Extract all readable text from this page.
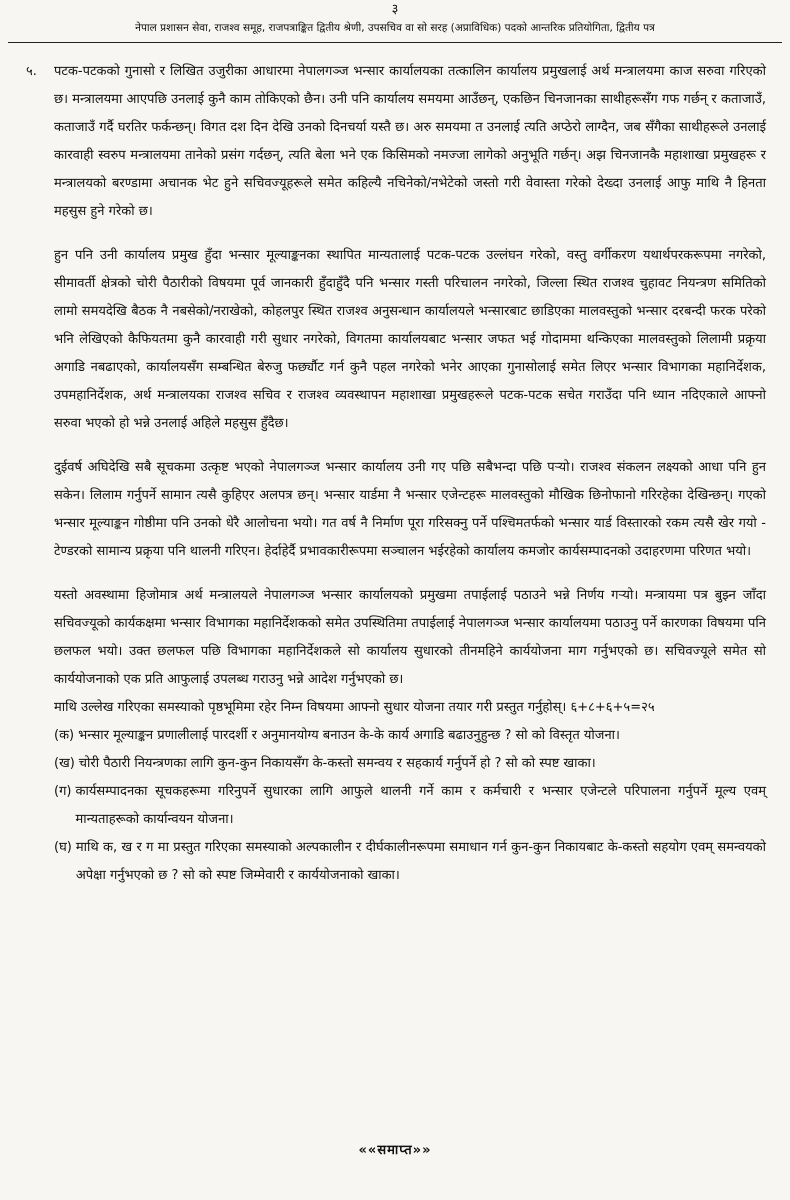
३
नेपाल प्रशासन सेवा, राजश्व समूह, राजपत्राङ्कित द्वितीय श्रेणी, उपसचिव वा सो सरह (अप्राविधिक) पदको आन्तरिक प्रतियोगिता, द्वितीय पत्र
५.	पटक-पटकको गुनासो र लिखित उजुरीका आधारमा नेपालगञ्ज भन्सार कार्यालयका तत्कालिन कार्यालय प्रमुखलाई अर्थ मन्त्रालयमा काज सरुवा गरिएको छ। मन्त्रालयमा आएपछि उनलाई कुनै काम तोकिएको छैन। उनी पनि कार्यालय समयमा आउँछन्, एकछिन चिनजानका साथीहरूसँग गफ गर्छन् र कताजाउँ, कताजाउँ गर्दै घरतिर फर्कन्छन्। विगत दश दिन देखि उनको दिनचर्या यस्तै छ। अरु समयमा त उनलाई त्यति अप्ठेरो लाग्दैन, जब सँगैका साथीहरूले उनलाई कारवाही स्वरुप मन्त्रालयमा तानेको प्रसंग गर्दछन्, त्यति बेला भने एक किसिमको नमज्जा लागेको अनुभूति गर्छन्। अझ चिनजानकै महाशाखा प्रमुखहरू र मन्त्रालयको बरण्डामा अचानक भेट हुने सचिवज्यूहरूले समेत कहिल्यै नचिनेको/नभेटेको जस्तो गरी वेवास्ता गरेको देख्दा उनलाई आफु माथि नै हिनता महसुस हुने गरेको छ।

हुन पनि उनी कार्यालय प्रमुख हुँदा भन्सार मूल्याङ्कनका स्थापित मान्यतालाई पटक-पटक उल्लंघन गरेको, वस्तु वर्गीकरण यथार्थपरकरूपमा नगरेको, सीमावर्ती क्षेत्रको चोरी पैठारीको विषयमा पूर्व जानकारी हुँदाहुँदै पनि भन्सार गस्ती परिचालन नगरेको, जिल्ला स्थित राजश्व चुहावट नियन्त्रण समितिको लामो समयदेखि बैठक नै नबसेको/नराखेको, कोहलपुर स्थित राजश्व अनुसन्धान कार्यालयले भन्सारबाट छाडिएका मालवस्तुको भन्सार दरबन्दी फरक परेको भनि लेखिएको कैफियतमा कुनै कारवाही गरी सुधार नगरेको, विगतमा कार्यालयबाट भन्सार जफत भई गोदाममा थन्किएका मालवस्तुको लिलामी प्रक्रृया अगाडि नबढाएको, कार्यालयसँग सम्बन्धित बेरुजु फर्छ्यौट गर्न कुनै पहल नगरेको भनेर आएका गुनासोलाई समेत लिएर भन्सार विभागका महानिर्देशक, उपमहानिर्देशक, अर्थ मन्त्रालयका राजश्व सचिव र राजश्व व्यवस्थापन महाशाखा प्रमुखहरूले पटक-पटक सचेत गराउँदा पनि ध्यान नदिएकाले आफ्नो सरुवा भएको हो भन्ने उनलाई अहिले महसुस हुँदैछ।

दुईवर्ष अघिदेखि सबै सूचकमा उत्कृष्ट भएको नेपालगञ्ज भन्सार कार्यालय उनी गए पछि सबैभन्दा पछि पर्‍यो। राजश्व संकलन लक्ष्यको आधा पनि हुन सकेन। लिलाम गर्नुपर्ने सामान त्यसै कुहिएर अलपत्र छन्। भन्सार यार्डमा नै भन्सार एजेन्टहरू मालवस्तुको मौखिक छिनोफानो गरिरहेका देखिन्छन्। गएको भन्सार मूल्याङ्कन गोष्ठीमा पनि उनको धेरै आलोचना भयो। गत वर्ष नै निर्माण पूरा गरिसक्नु पर्ने पश्चिमतर्फको भन्सार यार्ड विस्तारको रकम त्यसै खेर गयो - टेण्डरको सामान्य प्रक्रृया पनि थालनी गरिएन। हेर्दाहेर्दै प्रभावकारीरूपमा सञ्चालन भईरहेको कार्यालय कमजोर कार्यसम्पादनको उदाहरणमा परिणत भयो।

यस्तो अवस्थामा हिजोमात्र अर्थ मन्त्रालयले नेपालगञ्ज भन्सार कार्यालयको प्रमुखमा तपाईलाई पठाउने भन्ने निर्णय गर्‍यो। मन्त्रायमा पत्र बुझ्न जाँदा सचिवज्यूको कार्यकक्षमा भन्सार विभागका महानिर्देशकको समेत उपस्थितिमा तपाईलाई नेपालगञ्ज भन्सार कार्यालयमा पठाउनु पर्ने कारणका विषयमा पनि छलफल भयो। उक्त छलफल पछि विभागका महानिर्देशकले सो कार्यालय सुधारको तीनमहिने कार्ययोजना माग गर्नुभएको छ। सचिवज्यूले समेत सो कार्ययोजनाको एक प्रति आफुलाई उपलब्ध गराउनु भन्ने आदेश गर्नुभएको छ।

माथि उल्लेख गरिएका समस्याको पृष्ठभूमिमा रहेर निम्न विषयमा आफ्नो सुधार योजना तयार गरी प्रस्तुत गर्नुहोस्। ६+८+६+५=२५

(क) भन्सार मूल्याङ्कन प्रणालीलाई पारदर्शी र अनुमानयोग्य बनाउन के-के कार्य अगाडि बढाउनुहुन्छ ? सो को विस्तृत योजना।
(ख) चोरी पैठारी नियन्त्रणका लागि कुन-कुन निकायसँग के-कस्तो समन्वय र सहकार्य गर्नुपर्ने हो ? सो को स्पष्ट खाका।
(ग) कार्यसम्पादनका सूचकहरूमा गरिनुपर्ने सुधारका लागि आफुले थालनी गर्ने काम र कर्मचारी र भन्सार एजेन्टले परिपालना गर्नुपर्ने मूल्य एवम् मान्यताहरूको कार्यान्वयन योजना।
(घ) माथि क, ख र ग मा प्रस्तुत गरिएका समस्याको अल्पकालीन र दीर्घकालीनरूपमा समाधान गर्न कुन-कुन निकायबाट के-कस्तो सहयोग एवम् समन्वयको अपेक्षा गर्नुभएको छ ? सो को स्पष्ट जिम्मेवारी र कार्ययोजनाको खाका।
««समाप्त»»
